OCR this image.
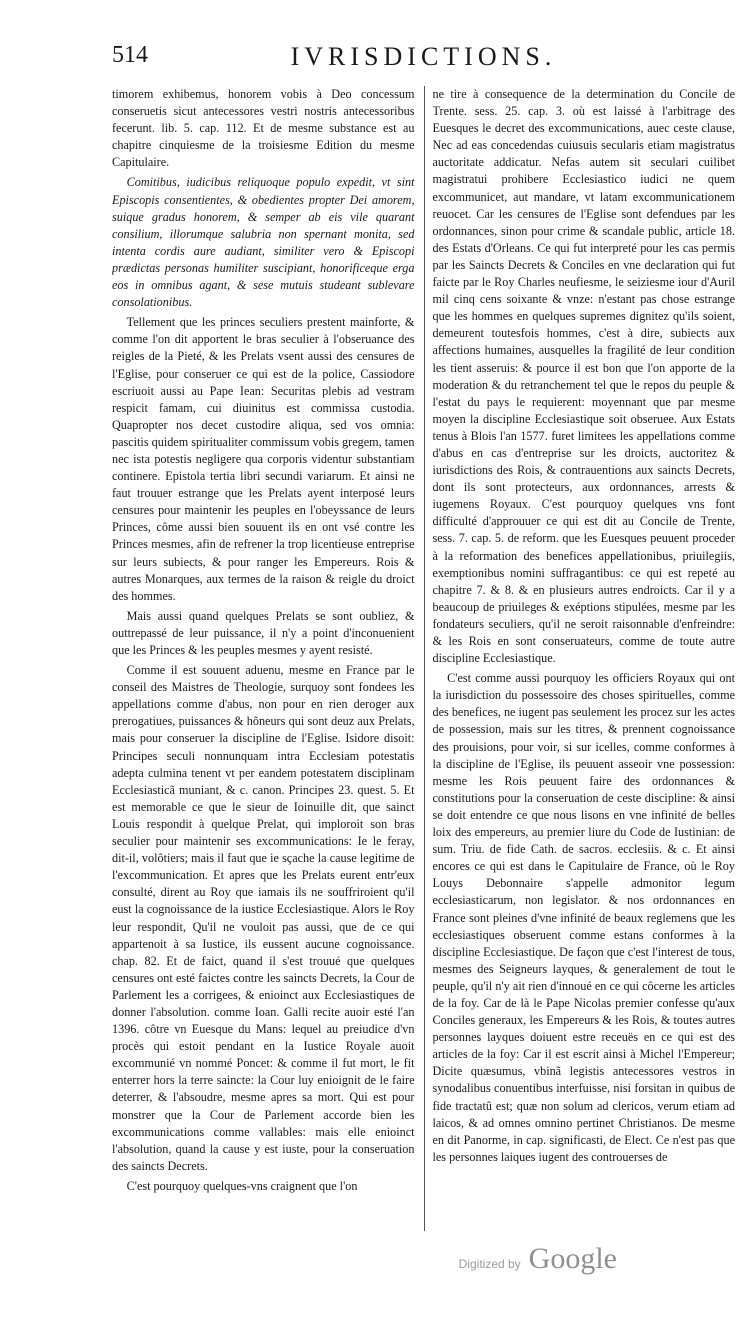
514	IVRISDICTIONS.

timorem exhibemus, honorem vobis à Deo concessum conseruetis sicut antecessores vestri nostris antecessoribus fecerunt. lib. 5. cap. 112. Et de mesme substance est au chapitre cinquiesme de la troisiesme Edition du mesme Capitulaire.

Comitibus, iudicibus reliquoque populo expedit, vt sint Episcopis consentientes, & obedientes propter Dei amorem, suique gradus honorem, & semper ab eis vile quarant consilium, illorumque salubria non spernant monita, sed intenta cordis aure audiant, similiter vero & Episcopi prædictas personas humiliter suscipiant, honorificeque erga eos in omnibus agant, & sese mutuis studeant sublevare consolationibus.

Tellement que les princes seculiers prestent mainforte, & comme l'on dit apportent le bras seculier à l'obseruance des reigles de la Pieté, & les Prelats vsent aussi des censures de l'Eglise, pour conseruer ce qui est de la police, Cassiodore escriuoit aussi au Pape Iean: Securitas plebis ad vestram respicit famam, cui diuinitus est commissa custodia. Quapropter nos decet custodire aliqua, sed vos omnia: pascitis quidem spiritualiter commissum vobis gregem, tamen nec ista potestis negligere qua corporis videntur substantiam continere. Epistola tertia libri secundi variarum. Et ainsi ne faut trouuer estrange que les Prelats ayent interposé leurs censures pour maintenir les peuples en l'obeyssance de leurs Princes, côme aussi bien souuent ils en ont vsé contre les Princes mesmes, afin de refrener la trop licentieuse entreprise sur leurs subiects, & pour ranger les Empereurs. Rois & autres Monarques, aux termes de la raison & reigle du droict des hommes.

Mais aussi quand quelques Prelats se sont oubliez, & outtrepassé de leur puissance, il n'y a point d'inconuenient que les Princes & les peuples mesmes y ayent resisté.

Comme il est souuent aduenu, mesme en France par le conseil des Maistres de Theologie, surquoy sont fondees les appellations comme d'abus, non pour en rien deroger aux prerogatiues, puissances & hõneurs qui sont deuz aux Prelats, mais pour conseruer la discipline de l'Eglise. Isidore disoit: Principes seculi nonnunquam intra Ecclesiam potestatis adepta culmina tenent vt per eandem potestatem disciplinam Ecclesiasticã muniant, & c. canon. Principes 23. quest. 5. Et est memorable ce que le sieur de Ioinuille dit, que sainct Louis respondit à quelque Prelat, qui imploroit son bras seculier pour maintenir ses excommunications: Ie le feray, dit-il, volôtiers; mais il faut que ie sçache la cause legitime de l'excommunication. Et apres que les Prelats eurent entr'eux consulté, dirent au Roy que iamais ils ne souffriroient qu'il eust la cognoissance de la iustice Ecclesiastique. Alors le Roy leur respondit, Qu'il ne vouloit pas aussi, que de ce qui appartenoit à sa Iustice, ils eussent aucune cognoissance. chap. 82. Et de faict, quand il s'est trouué que quelques censures ont esté faictes contre les saincts Decrets, la Cour de Parlement les a corrigees, & enioinct aux Ecclesiastiques de donner l'absolution. comme Ioan. Galli recite auoir esté l'an 1396. côtre vn Euesque du Mans: lequel au preiudice d'vn procès qui estoit pendant en la Iustice Royale auoit excommunié vn nommé Poncet: & comme il fut mort, le fit enterrer hors la terre saincte: la Cour luy enioignit de le faire deterrer, & l'absoudre, mesme apres sa mort. Qui est pour monstrer que la Cour de Parlement accorde bien les excommunications comme vallables: mais elle enioinct l'absolution, quand la cause y est iuste, pour la conseruation des saincts Decrets.

C'est pourquoy quelques-vns craignent que l'on

ne tire à consequence de la determination du Concile de Trente. sess. 25. cap. 3. où est laissé à l'arbitrage des Euesques le decret des excommunications, auec ceste clause, Nec ad eas concedendas cuiusuis secularis etiam magistratus auctoritate addicatur. Nefas autem sit seculari cuilibet magistratui prohibere Ecclesiastico iudici ne quem excommunicet, aut mandare, vt latam excommunicationem reuocet. Car les censures de l'Eglise sont defendues par les ordonnances, sinon pour crime & scandale public, article 18. des Estats d'Orleans. Ce qui fut interpreté pour les cas permis par les Saincts Decrets & Conciles en vne declaration qui fut faicte par le Roy Charles neufiesme, le seiziesme iour d'Auril mil cinq cens soixante & vnze: n'estant pas chose estrange que les hommes en quelques supremes dignitez qu'ils soient, demeurent toutesfois hommes, c'est à dire, subiects aux affections humaines, ausquelles la fragilité de leur condition les tient asseruis: & pource il est bon que l'on apporte de la moderation & du retranchement tel que le repos du peuple & l'estat du pays le requierent: moyennant que par mesme moyen la discipline Ecclesiastique soit obseruee. Aux Estats tenus à Blois l'an 1577. furet limitees les appellations comme d'abus en cas d'entreprise sur les droicts, auctoritez & iurisdictions des Rois, & contrauentions aux saincts Decrets, dont ils sont protecteurs, aux ordonnances, arrests & iugemens Royaux. C'est pourquoy quelques vns font difficulté d'approuuer ce qui est dit au Concile de Trente, sess. 7. cap. 5. de reform. que les Euesques peuuent proceder à la reformation des benefices appellationibus, priuilegiis, exemptionibus nomini suffragantibus: ce qui est repeté au chapitre 7. & 8. & en plusieurs autres endroicts. Car il y a beaucoup de priuileges & exéptions stipulées, mesme par les fondateurs seculiers, qu'il ne seroit raisonnable d'enfreindre: & les Rois en sont conseruateurs, comme de toute autre discipline Ecclesiastique.

C'est comme aussi pourquoy les officiers Royaux qui ont la iurisdiction du possessoire des choses spirituelles, comme des benefices, ne iugent pas seulement les procez sur les actes de possession, mais sur les titres, & prennent cognoissance des prouisions, pour voir, si sur icelles, comme conformes à la discipline de l'Eglise, ils peuuent asseoir vne possession: mesme les Rois peuuent faire des ordonnances & constitutions pour la conseruation de ceste discipline: & ainsi se doit entendre ce que nous lisons en vne infinité de belles loix des empereurs, au premier liure du Code de Iustinian: de sum. Triu. de fide Cath. de sacros. ecclesiis. & c. Et ainsi encores ce qui est dans le Capitulaire de France, où le Roy Louys Debonnaire s'appelle admonitor legum ecclesiasticarum, non legislator. & nos ordonnances en France sont pleines d'vne infinité de beaux reglemens que les ecclesiastiques obseruent comme estans conformes à la discipline Ecclesiastique. De façon que c'est l'interest de tous, mesmes des Seigneurs layques, & generalement de tout le peuple, qu'il n'y ait rien d'innoué en ce qui côcerne les articles de la foy. Car de là le Pape Nicolas premier confesse qu'aux Conciles generaux, les Empereurs & les Rois, & toutes autres personnes layques doiuent estre receuës en ce qui est des articles de la foy: Car il est escrit ainsi à Michel l'Empereur; Dicite quæsumus, vbinã legistis antecessores vestros in synodalibus conuentibus interfuisse, nisi forsitan in quibus de fide tractatû est; quæ non solum ad clericos, verum etiam ad laicos, & ad omnes omnino pertinet Christianos. De mesme en dit Panorme, in cap. significasti, de Elect. Ce n'est pas que les personnes laiques iugent des controuerses de

Digitized by Google
